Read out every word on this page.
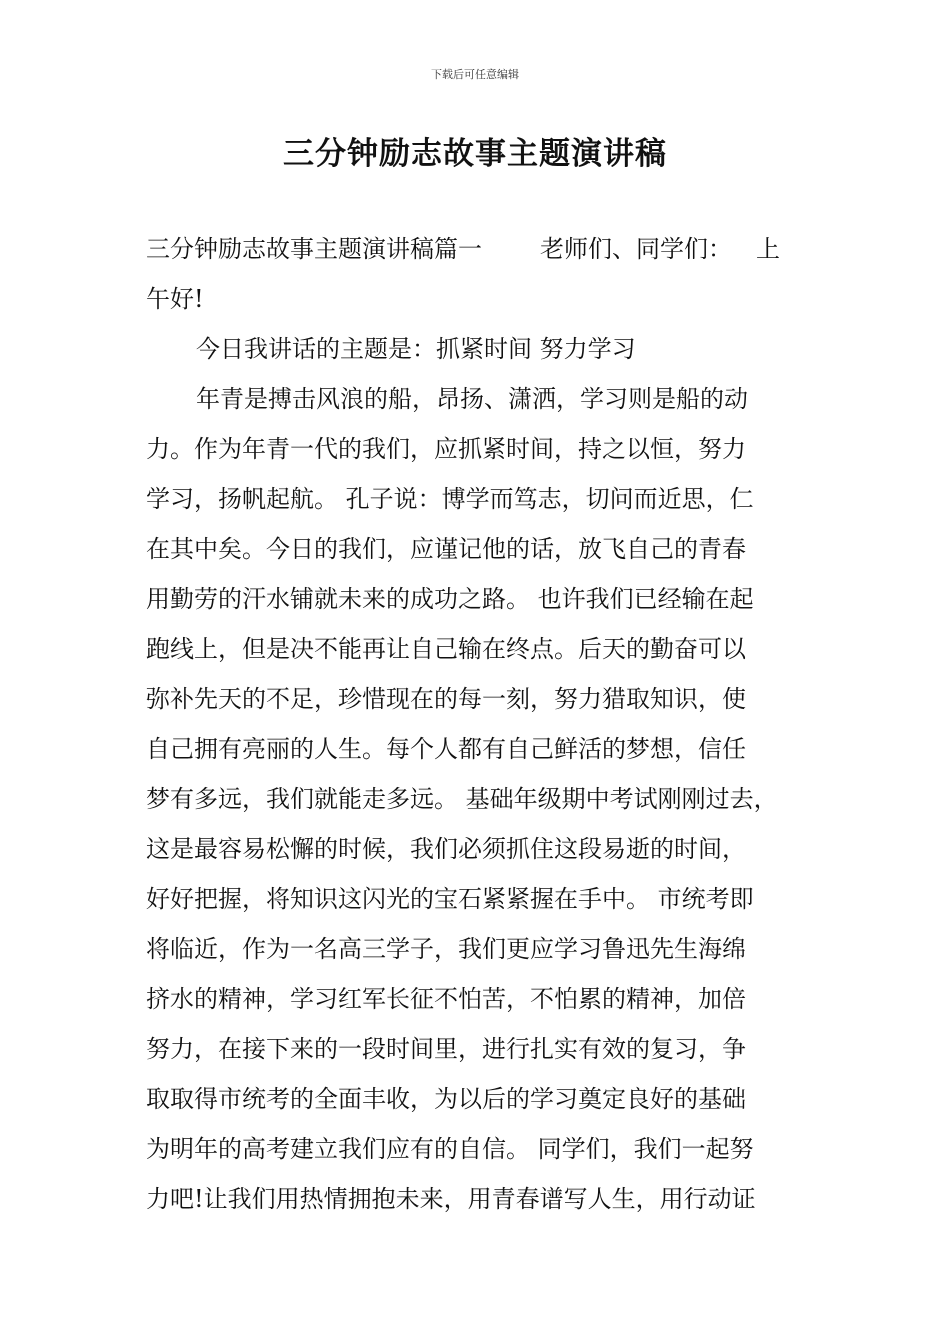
下载后可任意编辑
三分钟励志故事主题演讲稿
三分钟励志故事主题演讲稿篇一 老师们、同学们： 上
午好!
今日我讲话的主题是：抓紧时间 努力学习
年青是搏击风浪的船，昂扬、潇洒，学习则是船的动
力。作为年青一代的我们，应抓紧时间，持之以恒，努力
学习，扬帆起航。 孔子说：博学而笃志，切问而近思，仁
在其中矣。今日的我们，应谨记他的话，放飞自己的青春
用勤劳的汗水铺就未来的成功之路。 也许我们已经输在起
跑线上，但是决不能再让自己输在终点。后天的勤奋可以
弥补先天的不足，珍惜现在的每一刻，努力猎取知识，使
自己拥有亮丽的人生。每个人都有自己鲜活的梦想，信任
梦有多远，我们就能走多远。 基础年级期中考试刚刚过去，
这是最容易松懈的时候，我们必须抓住这段易逝的时间，
好好把握，将知识这闪光的宝石紧紧握在手中。 市统考即
将临近，作为一名高三学子，我们更应学习鲁迅先生海绵
挤水的精神，学习红军长征不怕苦，不怕累的精神，加倍
努力，在接下来的一段时间里，进行扎实有效的复习，争
取取得市统考的全面丰收，为以后的学习奠定良好的基础
为明年的高考建立我们应有的自信。 同学们，我们一起努
力吧!让我们用热情拥抱未来，用青春谱写人生，用行动证
